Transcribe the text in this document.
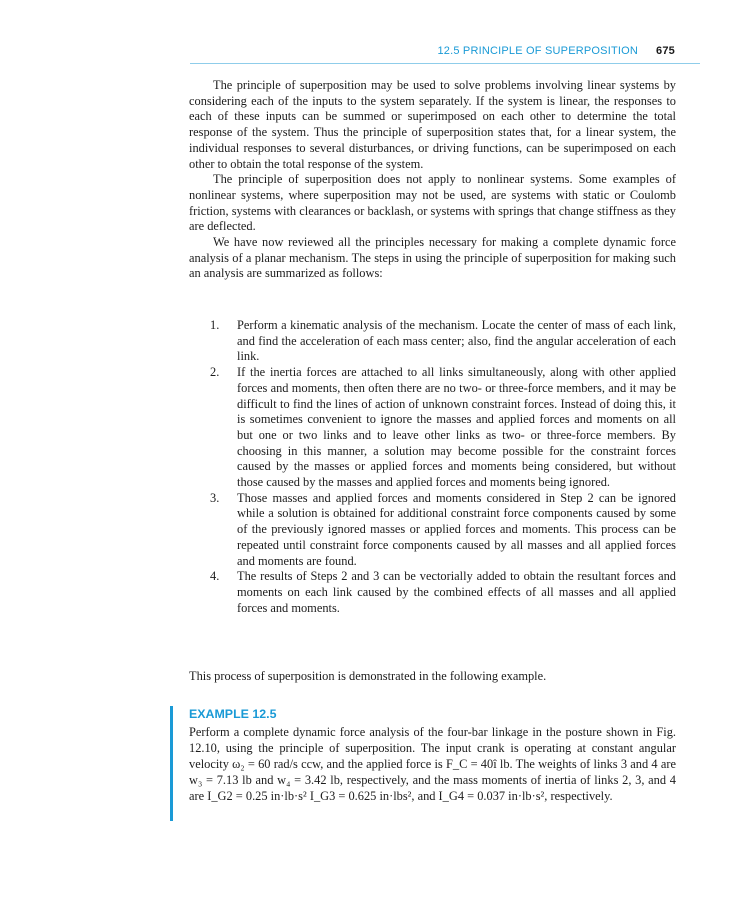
12.5 PRINCIPLE OF SUPERPOSITION 675

The principle of superposition may be used to solve problems involving linear systems by considering each of the inputs to the system separately. If the system is linear, the responses to each of these inputs can be summed or superimposed on each other to determine the total response of the system. Thus the principle of superposition states that, for a linear system, the individual responses to several disturbances, or driving functions, can be superimposed on each other to obtain the total response of the system.

The principle of superposition does not apply to nonlinear systems. Some examples of nonlinear systems, where superposition may not be used, are systems with static or Coulomb friction, systems with clearances or backlash, or systems with springs that change stiffness as they are deflected.

We have now reviewed all the principles necessary for making a complete dynamic force analysis of a planar mechanism. The steps in using the principle of superposition for making such an analysis are summarized as follows:

1. Perform a kinematic analysis of the mechanism. Locate the center of mass of each link, and find the acceleration of each mass center; also, find the angular acceleration of each link.
2. If the inertia forces are attached to all links simultaneously, along with other applied forces and moments, then often there are no two- or three-force members, and it may be difficult to find the lines of action of unknown constraint forces. Instead of doing this, it is sometimes convenient to ignore the masses and applied forces and moments on all but one or two links and to leave other links as two- or three-force members. By choosing in this manner, a solution may become possible for the constraint forces caused by the masses or applied forces and moments being considered, but without those caused by the masses and applied forces and moments being ignored.
3. Those masses and applied forces and moments considered in Step 2 can be ignored while a solution is obtained for additional constraint force components caused by some of the previously ignored masses or applied forces and moments. This process can be repeated until constraint force components caused by all masses and all applied forces and moments are found.
4. The results of Steps 2 and 3 can be vectorially added to obtain the resultant forces and moments on each link caused by the combined effects of all masses and all applied forces and moments.
This process of superposition is demonstrated in the following example.
EXAMPLE 12.5

Perform a complete dynamic force analysis of the four-bar linkage in the posture shown in Fig. 12.10, using the principle of superposition. The input crank is operating at constant angular velocity ω₂ = 60 rad/s ccw, and the applied force is F_C = 40î lb. The weights of links 3 and 4 are w₃ = 7.13 lb and w₄ = 3.42 lb, respectively, and the mass moments of inertia of links 2, 3, and 4 are I_G2 = 0.25 in·lb·s² I_G3 = 0.625 in·lbs², and I_G4 = 0.037 in·lb·s², respectively.
